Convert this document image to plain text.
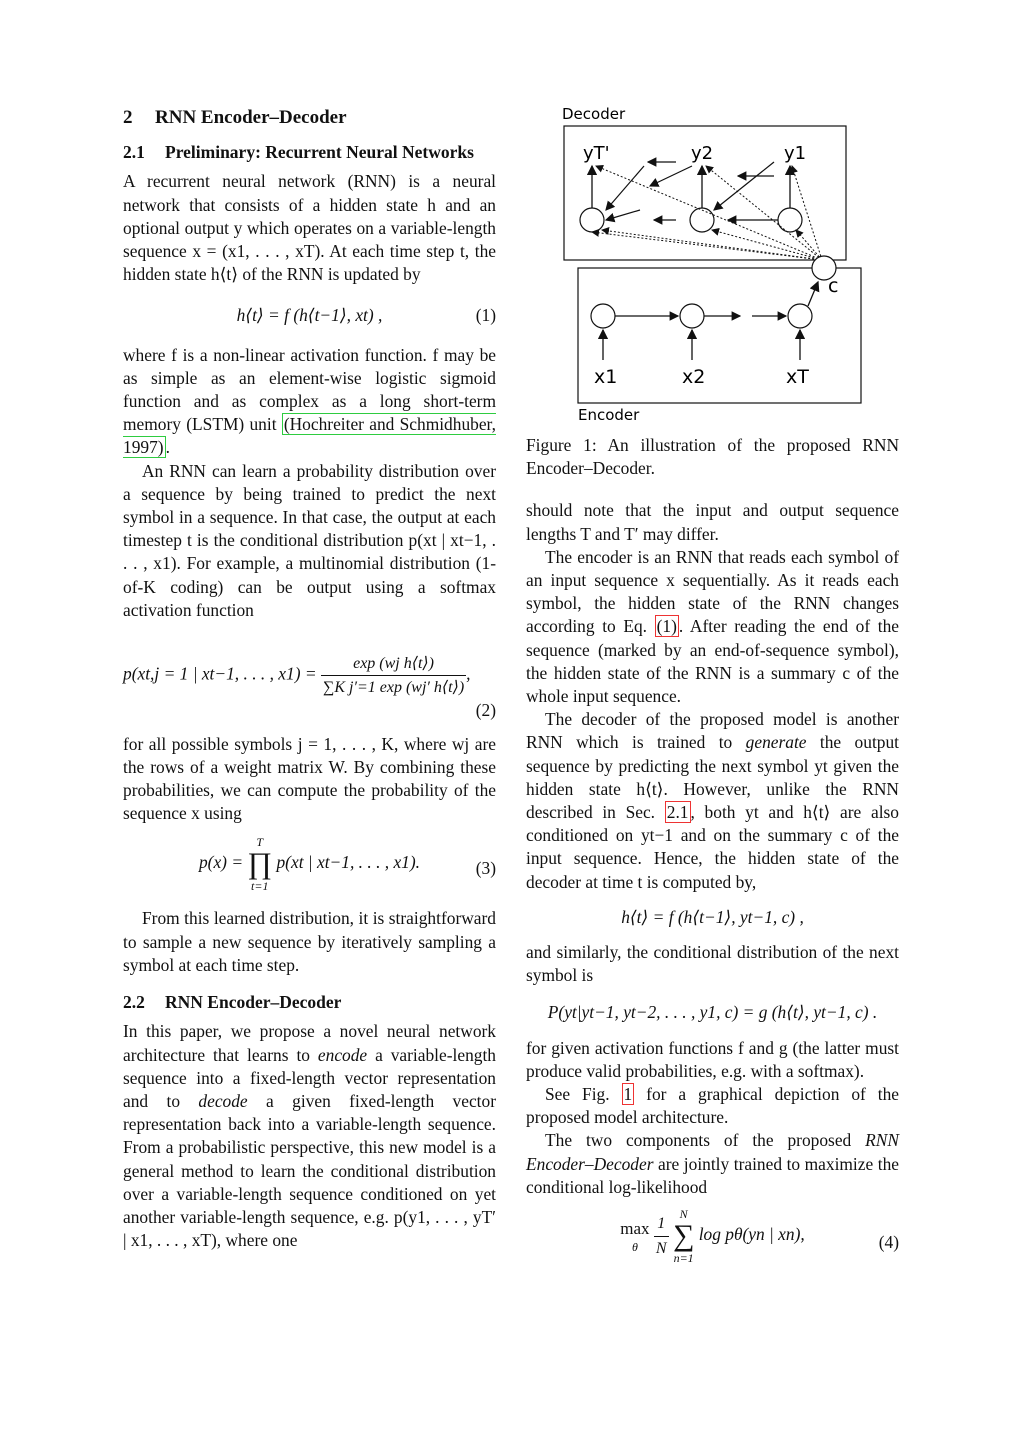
2 RNN Encoder–Decoder
2.1 Preliminary: Recurrent Neural Networks

A recurrent neural network (RNN) is a neural network that consists of a hidden state h and an optional output y which operates on a variable-length sequence x = (x1, . . . , xT). At each time step t, the hidden state h⟨t⟩ of the RNN is updated by

h⟨t⟩ = f (h⟨t−1⟩, xt) ,	(1)

where f is a non-linear activation function. f may be as simple as an element-wise logistic sigmoid function and as complex as a long short-term memory (LSTM) unit (Hochreiter and Schmidhuber, 1997) .

An RNN can learn a probability distribution over a sequence by being trained to predict the next symbol in a sequence. In that case, the output at each timestep t is the conditional distribution p(xt | xt−1, . . . , x1). For example, a multinomial distribution (1-of-K coding) can be output using a softmax activation function

p(xt,j = 1 | xt−1, . . . , $x1) = \frac{\text{exp (wj h⟨t⟩)}}{\text{∑K j′=1 exp (wj′ h⟨t⟩)}}$ ,
(2)

for all possible symbols j = 1, . . . , K, where wj are the rows of a weight matrix W. By combining these probabilities, we can compute the probability of the sequence x using

p(x) =
T
∏
t=1
p(xt | xt−1, . . . , x1).	(3)

From this learned distribution, it is straightforward to sample a new sequence by iteratively sampling a symbol at each time step.

2.2 RNN Encoder–Decoder

In this paper, we propose a novel neural network architecture that learns to encode a variable-length sequence into a fixed-length vector representation and to decode a given fixed-length vector representation back into a variable-length sequence. From a probabilistic perspective, this new model is a general method to learn the conditional distribution over a variable-length sequence conditioned on yet another variable-length sequence, e.g. p(y1, . . . , yT′ | x1, . . . , xT), where one

Decoder
Encoder
yT'	y2	y1
c
x1	x2	xT

Figure 1: An illustration of the proposed RNN Encoder–Decoder.

should note that the input and output sequence lengths T and T′ may differ.

The encoder is an RNN that reads each symbol of an input sequence x sequentially. As it reads each symbol, the hidden state of the RNN changes according to Eq. (1) . After reading the end of the sequence (marked by an end-of-sequence symbol), the hidden state of the RNN is a summary c of the whole input sequence.

The decoder of the proposed model is another RNN which is trained to generate the output sequence by predicting the next symbol yt given the hidden state h⟨t⟩. However, unlike the RNN described in Sec. 2.1 , both yt and h⟨t⟩ are also conditioned on yt−1 and on the summary c of the input sequence. Hence, the hidden state of the decoder at time t is computed by,

h⟨t⟩ = f (h⟨t−1⟩, yt−1, c) ,

and similarly, the conditional distribution of the next symbol is

P(yt|yt−1, yt−2, . . . , y1, c) = g (h⟨t⟩, yt−1, c) .

for given activation functions f and g (the latter must produce valid probabilities, e.g. with a softmax).

See Fig. 1 for a graphical depiction of the proposed model architecture.

The two components of the proposed RNN Encoder–Decoder are jointly trained to maximize the conditional log-likelihood

max
θ
	$\frac{1}{N}$
N
∑
n=1
log pθ(yn | xn),	(4)
